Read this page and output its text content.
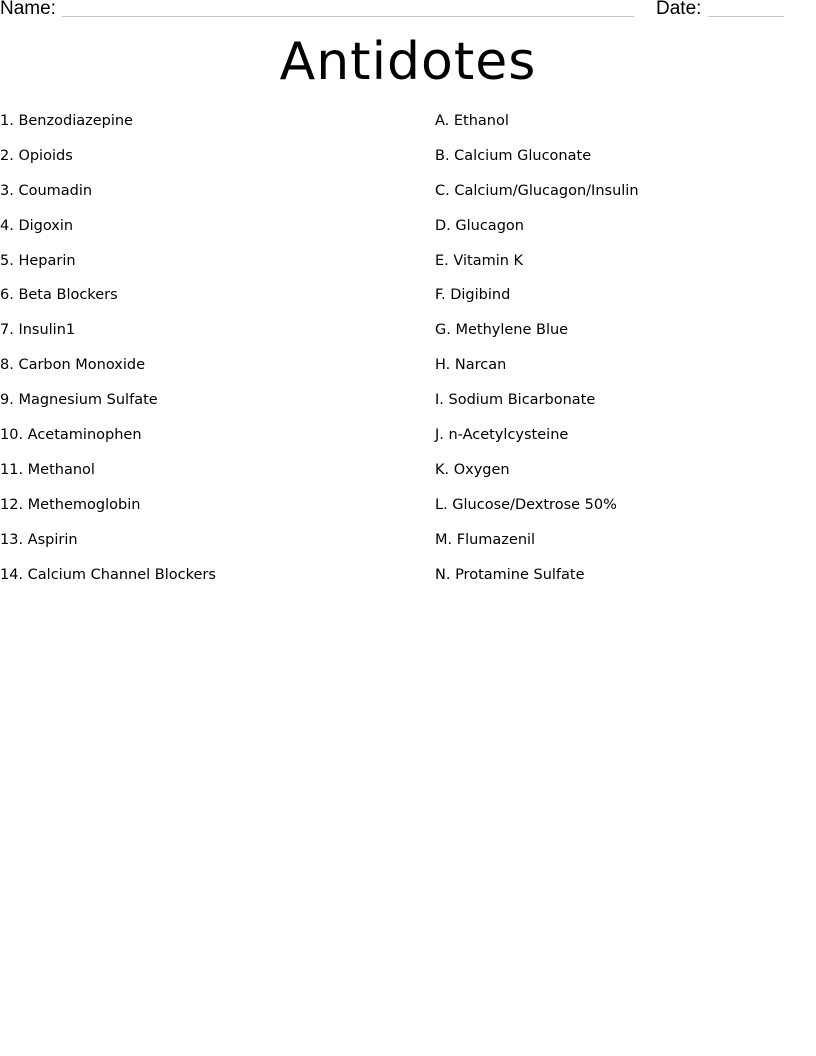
Name:	Date:
Antidotes
1. Benzodiazepine
2. Opioids
3. Coumadin
4. Digoxin
5. Heparin
6. Beta Blockers
7. Insulin1
8. Carbon Monoxide
9. Magnesium Sulfate
10. Acetaminophen
11. Methanol
12. Methemoglobin
13. Aspirin
14. Calcium Channel Blockers
A. Ethanol
B. Calcium Gluconate
C. Calcium/Glucagon/Insulin
D. Glucagon
E. Vitamin K
F. Digibind
G. Methylene Blue
H. Narcan
I. Sodium Bicarbonate
J. n-Acetylcysteine
K. Oxygen
L. Glucose/Dextrose 50%
M. Flumazenil
N. Protamine Sulfate
